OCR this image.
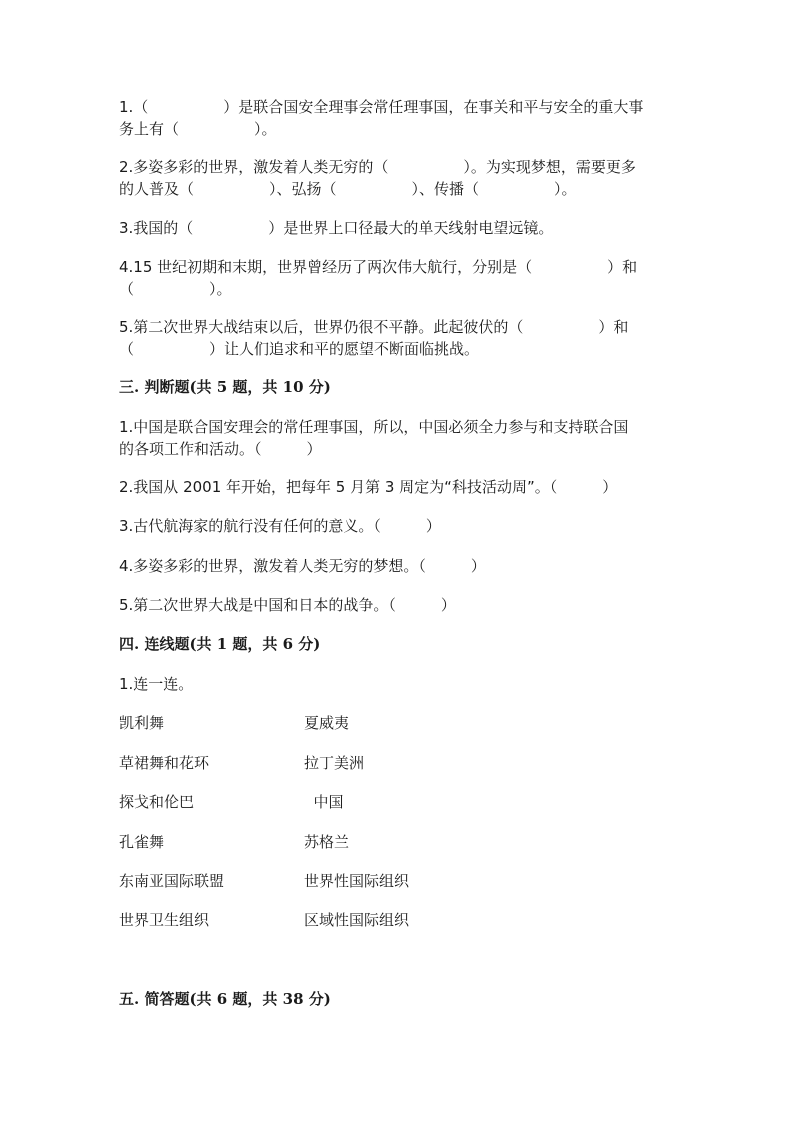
1.（　　　　　）是联合国安全理事会常任理事国，在事关和平与安全的重大事

务上有（　　　　　）。

2.多姿多彩的世界，激发着人类无穷的（　　　　　）。为实现梦想，需要更多

的人普及（　　　　　）、弘扬（　　　　　）、传播（　　　　　）。

3.我国的（　　　　　）是世界上口径最大的单天线射电望远镜。

4.15 世纪初期和末期，世界曾经历了两次伟大航行，分别是（　　　　　）和

（　　　　　）。

5.第二次世界大战结束以后，世界仍很不平静。此起彼伏的（　　　　　）和

（　　　　　）让人们追求和平的愿望不断面临挑战。

三. 判断题(共 5 题，共 10 分)

1.中国是联合国安理会的常任理事国，所以，中国必须全力参与和支持联合国

的各项工作和活动。（　　　）

2.我国从 2001 年开始，把每年 5 月第 3 周定为“科技活动周”。（　　　）

3.古代航海家的航行没有任何的意义。（　　　）

4.多姿多彩的世界，激发着人类无穷的梦想。（　　　）

5.第二次世界大战是中国和日本的战争。（　　　）

四. 连线题(共 1 题，共 6 分)

1.连一连。

凯利舞	夏威夷
草裙舞和花环	拉丁美洲
探戈和伦巴	中国
孔雀舞	苏格兰
东南亚国际联盟	世界性国际组织
世界卫生组织	区域性国际组织

五. 简答题(共 6 题，共 38 分)
